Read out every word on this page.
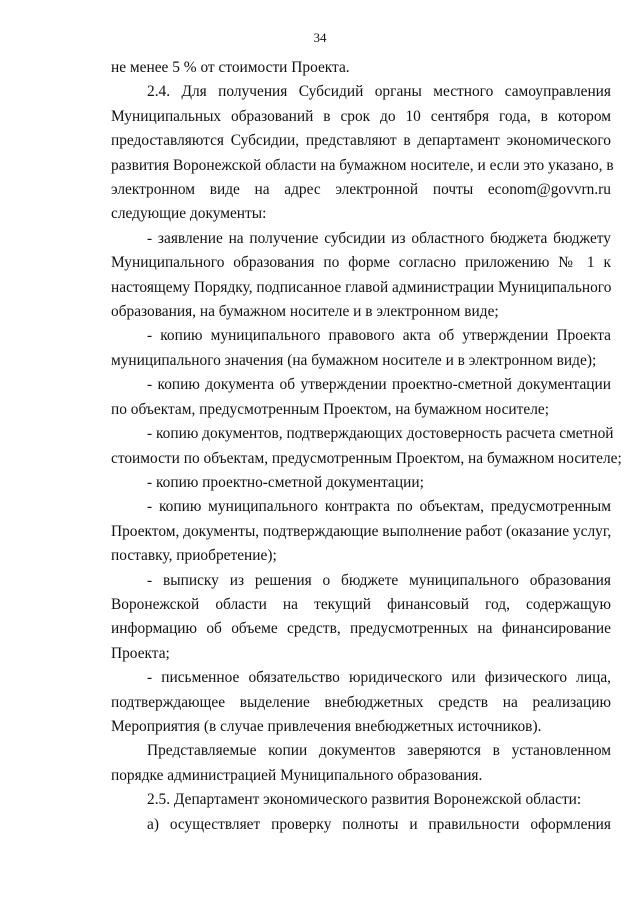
34
не менее 5 % от стоимости Проекта.
2.4. Для получения Субсидий органы местного самоуправления
Муниципальных образований в срок до 10 сентября года, в котором
предоставляются Субсидии, представляют в департамент экономического
развития Воронежской области на бумажном носителе, и если это указано, в
электронном виде на адрес электронной почты econom@govvrn.ru
следующие документы:
- заявление на получение субсидии из областного бюджета бюджету
Муниципального образования по форме согласно приложению № 1 к
настоящему Порядку, подписанное главой администрации Муниципального
образования, на бумажном носителе и в электронном виде;
- копию муниципального правового акта об утверждении Проекта
муниципального значения (на бумажном носителе и в электронном виде);
- копию документа об утверждении проектно-сметной документации
по объектам, предусмотренным Проектом, на бумажном носителе;
- копию документов, подтверждающих достоверность расчета сметной
стоимости по объектам, предусмотренным Проектом, на бумажном носителе;
- копию проектно-сметной документации;
- копию муниципального контракта по объектам, предусмотренным
Проектом, документы, подтверждающие выполнение работ (оказание услуг,
поставку, приобретение);
- выписку из решения о бюджете муниципального образования
Воронежской области на текущий финансовый год, содержащую
информацию об объеме средств, предусмотренных на финансирование
Проекта;
- письменное обязательство юридического или физического лица,
подтверждающее выделение внебюджетных средств на реализацию
Мероприятия (в случае привлечения внебюджетных источников).
Представляемые копии документов заверяются в установленном
порядке администрацией Муниципального образования.
2.5. Департамент экономического развития Воронежской области:
а) осуществляет проверку полноты и правильности оформления
